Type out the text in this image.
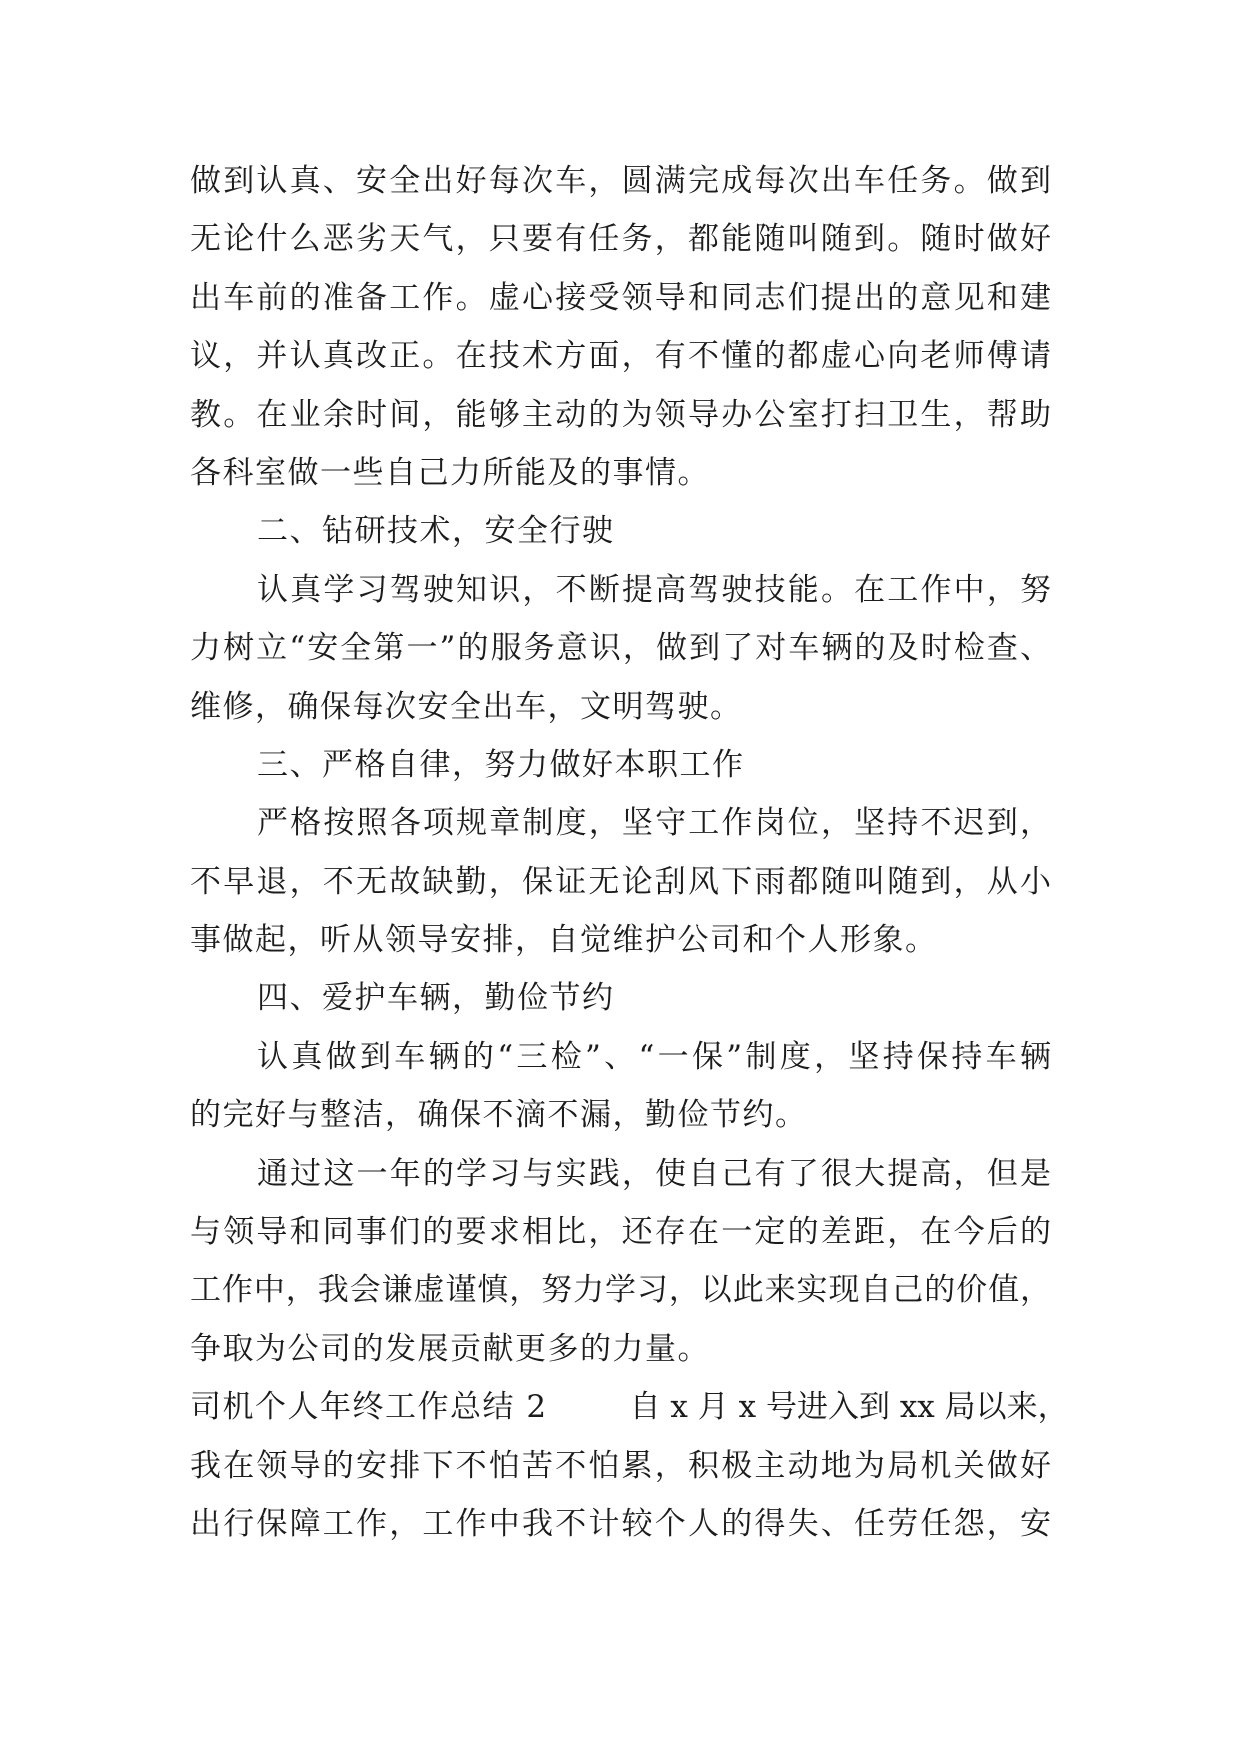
做到认真、安全出好每次车，圆满完成每次出车任务。做到
无论什么恶劣天气，只要有任务，都能随叫随到。随时做好
出车前的准备工作。虚心接受领导和同志们提出的意见和建
议，并认真改正。在技术方面，有不懂的都虚心向老师傅请
教。在业余时间，能够主动的为领导办公室打扫卫生，帮助
各科室做一些自己力所能及的事情。
二、钻研技术，安全行驶
认真学习驾驶知识，不断提高驾驶技能。在工作中，努
力树立“安全第一”的服务意识，做到了对车辆的及时检查、
维修，确保每次安全出车，文明驾驶。
三、严格自律，努力做好本职工作
严格按照各项规章制度，坚守工作岗位，坚持不迟到，
不早退，不无故缺勤，保证无论刮风下雨都随叫随到，从小
事做起，听从领导安排，自觉维护公司和个人形象。
四、爱护车辆，勤俭节约
认真做到车辆的“三检”、“一保”制度，坚持保持车辆
的完好与整洁，确保不滴不漏，勤俭节约。
通过这一年的学习与实践，使自己有了很大提高，但是
与领导和同事们的要求相比，还存在一定的差距，在今后的
工作中，我会谦虚谨慎，努力学习，以此来实现自己的价值，
争取为公司的发展贡献更多的力量。
司机个人年终工作总结 2	自 x 月 x 号进入到 xx 局以来，
我在领导的安排下不怕苦不怕累，积极主动地为局机关做好
出行保障工作，工作中我不计较个人的得失、任劳任怨，安
